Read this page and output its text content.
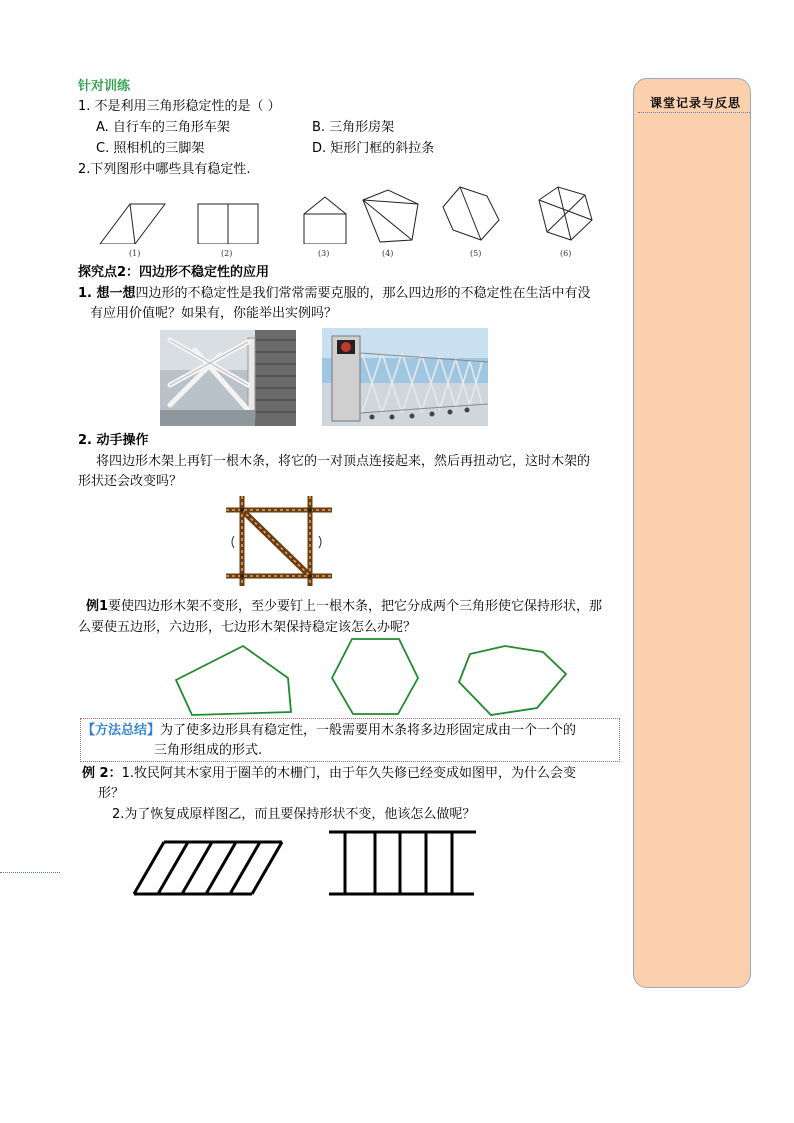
课堂记录与反思
针对训练
1. 不是利用三角形稳定性的是（ ）
A. 自行车的三角形车架	B. 三角形房架
C. 照相机的三脚架	D. 矩形门框的斜拉条
2.下列图形中哪些具有稳定性.
(1)	(2)	(3)	(4)	(5)	(6)
探究点2：四边形不稳定性的应用
1. 想一想四边形的不稳定性是我们常常需要克服的，那么四边形的不稳定性在生活中有没
有应用价值呢？如果有，你能举出实例吗？
2. 动手操作
将四边形木架上再钉一根木条，将它的一对顶点连接起来，然后再扭动它，这时木架的
形状还会改变吗？
例1要使四边形木架不变形，至少要钉上一根木条，把它分成两个三角形使它保持形状，那
么要使五边形，六边形，七边形木架保持稳定该怎么办呢？
【方法总结】为了使多边形具有稳定性，一般需要用木条将多边形固定成由一个一个的
三角形组成的形式.
例 2：1.牧民阿其木家用于圈羊的木栅门，由于年久失修已经变成如图甲，为什么会变
形？
2.为了恢复成原样图乙，而且要保持形状不变，他该怎么做呢？
